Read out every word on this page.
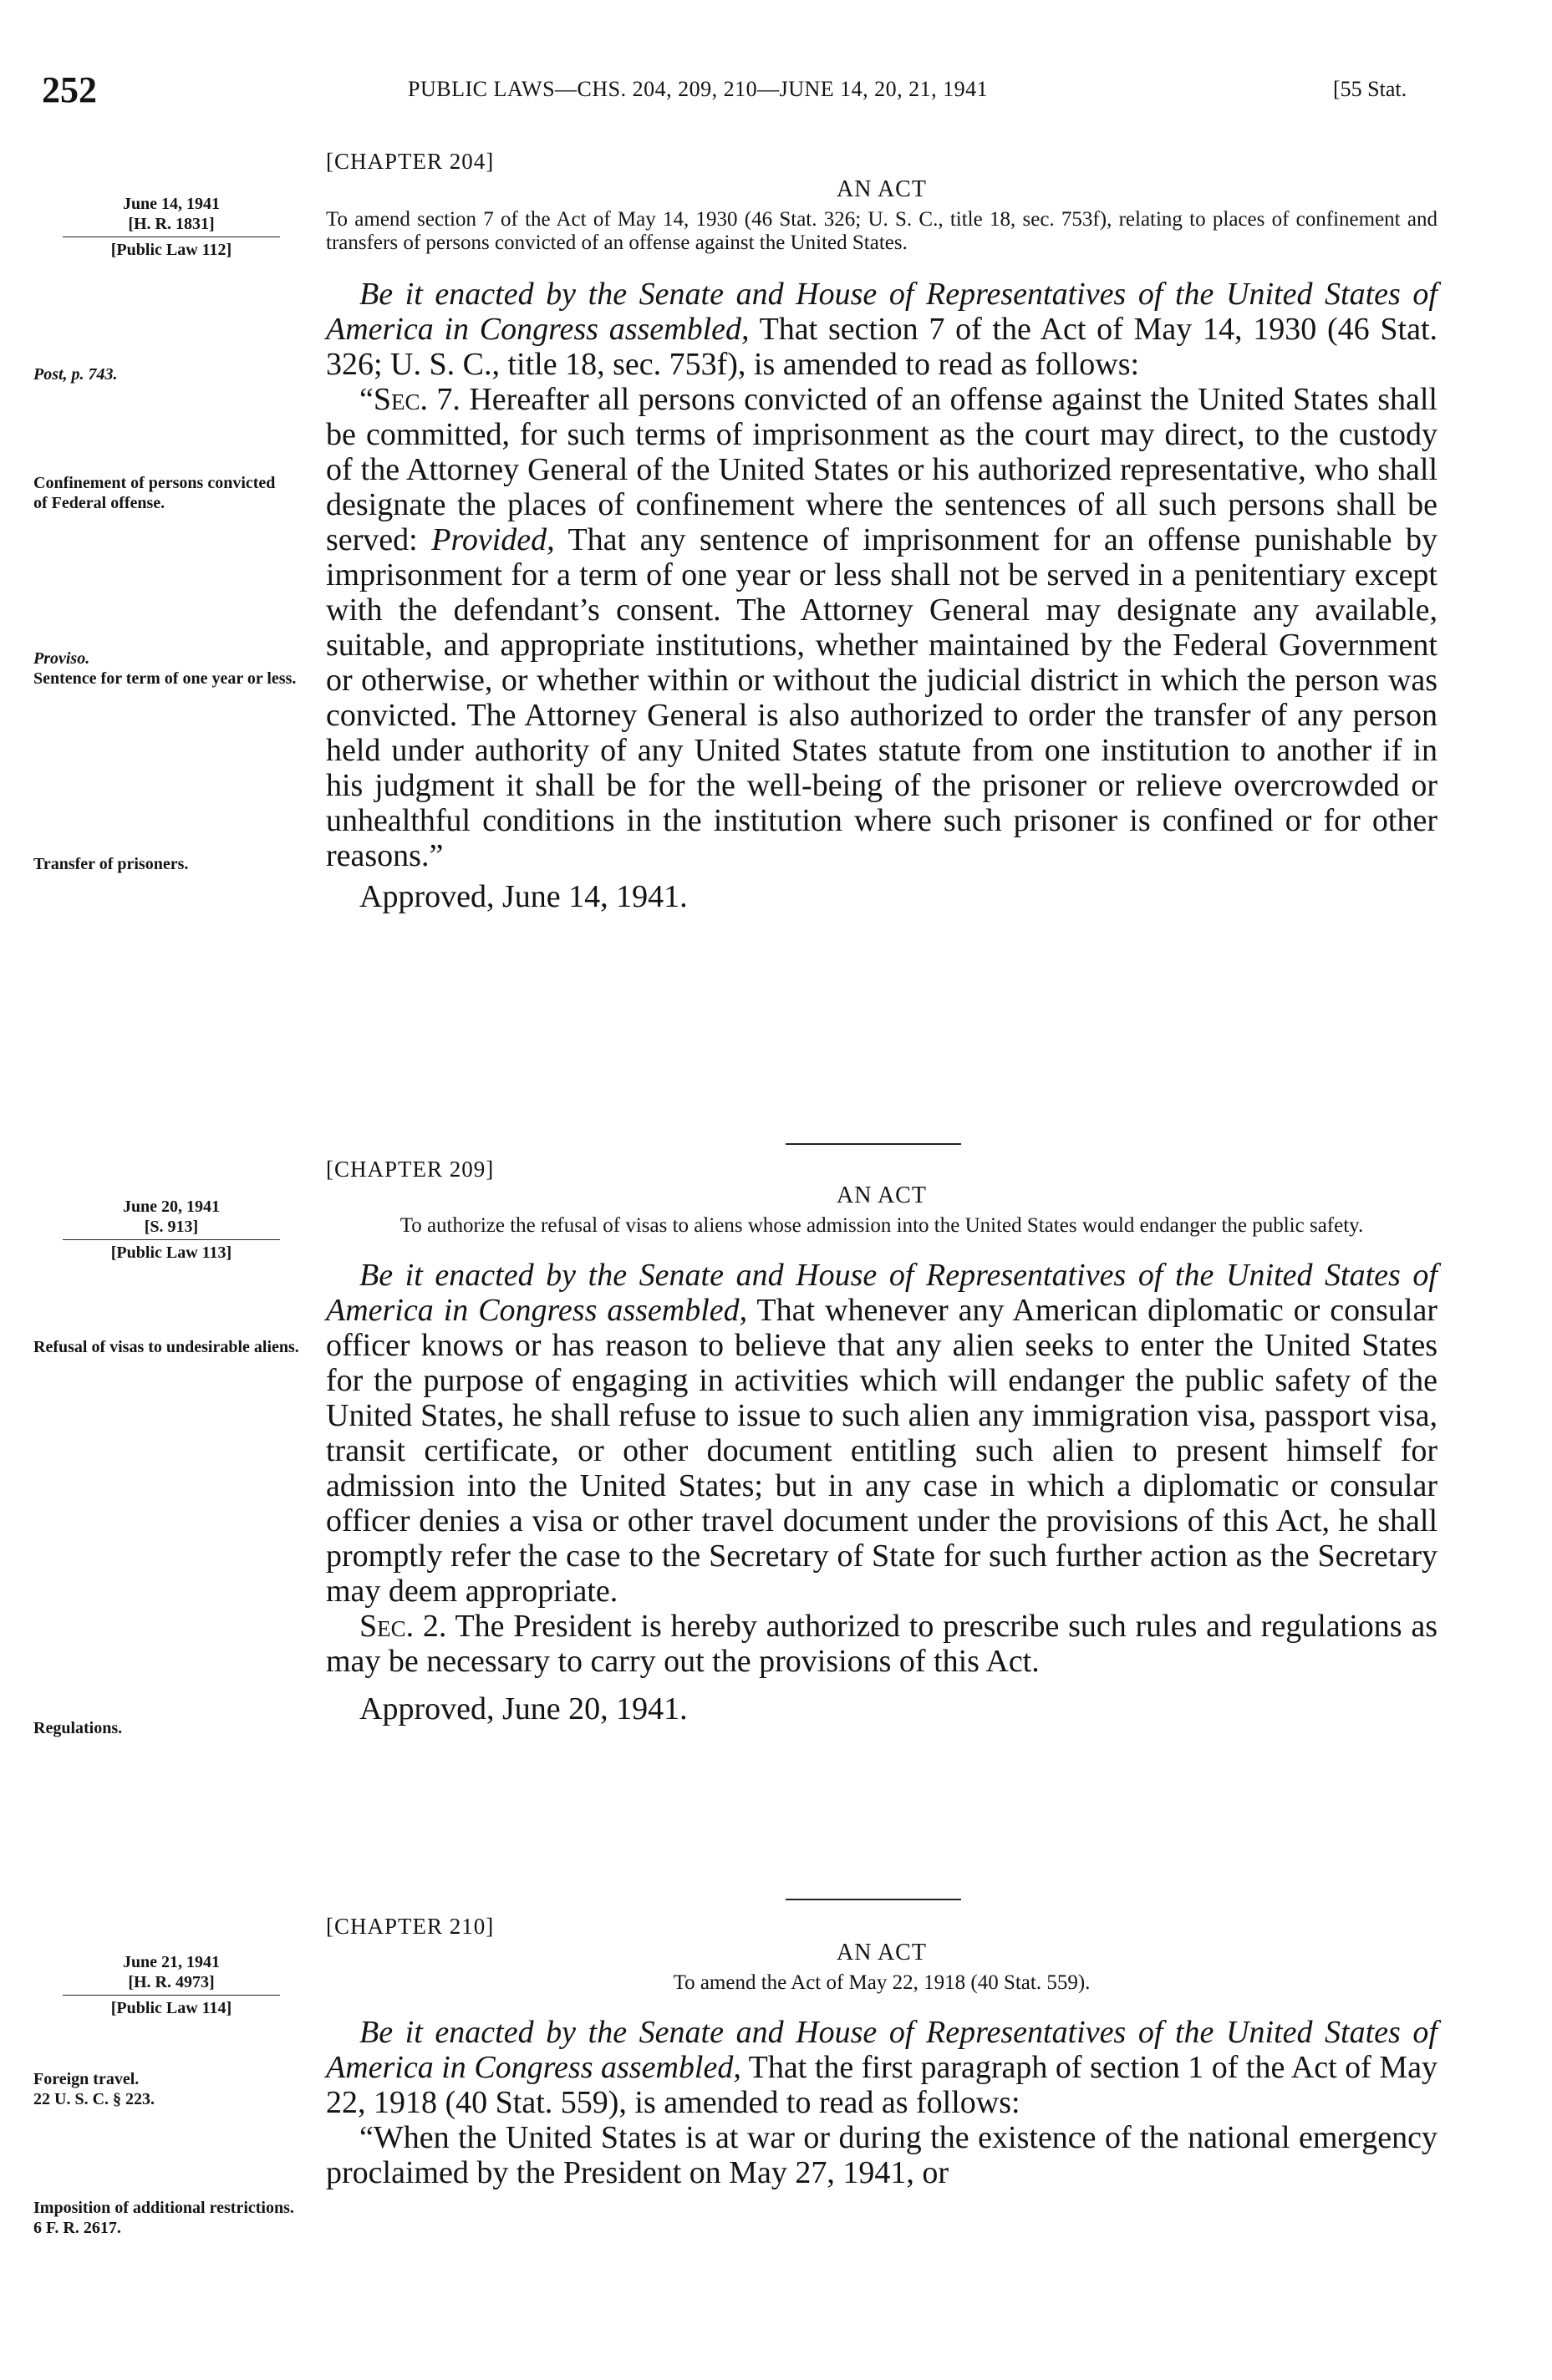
252	PUBLIC LAWS—CHS. 204, 209, 210—JUNE 14, 20, 21, 1941	[55 Stat.
June 14, 1941
[H. R. 1831]
[Public Law 112]
Post, p. 743.
Confinement of persons convicted of Federal offense.
Proviso.
Sentence for term of one year or less.
Transfer of prisoners.
[CHAPTER 204]
AN ACT
To amend section 7 of the Act of May 14, 1930 (46 Stat. 326; U. S. C., title 18, sec. 753f), relating to places of confinement and transfers of persons convicted of an offense against the United States.

Be it enacted by the Senate and House of Representatives of the United States of America in Congress assembled, That section 7 of the Act of May 14, 1930 (46 Stat. 326; U. S. C., title 18, sec. 753f), is amended to read as follows:

“Sec. 7. Hereafter all persons convicted of an offense against the United States shall be committed, for such terms of imprisonment as the court may direct, to the custody of the Attorney General of the United States or his authorized representative, who shall designate the places of confinement where the sentences of all such persons shall be served: Provided, That any sentence of imprisonment for an offense punishable by imprisonment for a term of one year or less shall not be served in a penitentiary except with the defendant’s consent. The Attorney General may designate any available, suitable, and appropriate institutions, whether maintained by the Federal Government or otherwise, or whether within or without the judicial district in which the person was convicted. The Attorney General is also authorized to order the transfer of any person held under authority of any United States statute from one institution to another if in his judgment it shall be for the well-being of the prisoner or relieve overcrowded or unhealthful conditions in the institution where such prisoner is confined or for other reasons.”

Approved, June 14, 1941.
June 20, 1941
[S. 913]
[Public Law 113]
Refusal of visas to undesirable aliens.
Regulations.
[CHAPTER 209]
AN ACT
To authorize the refusal of visas to aliens whose admission into the United States would endanger the public safety.

Be it enacted by the Senate and House of Representatives of the United States of America in Congress assembled, That whenever any American diplomatic or consular officer knows or has reason to believe that any alien seeks to enter the United States for the purpose of engaging in activities which will endanger the public safety of the United States, he shall refuse to issue to such alien any immigration visa, passport visa, transit certificate, or other document entitling such alien to present himself for admission into the United States; but in any case in which a diplomatic or consular officer denies a visa or other travel document under the provisions of this Act, he shall promptly refer the case to the Secretary of State for such further action as the Secretary may deem appropriate.

Sec. 2. The President is hereby authorized to prescribe such rules and regulations as may be necessary to carry out the provisions of this Act.

Approved, June 20, 1941.
June 21, 1941
[H. R. 4973]
[Public Law 114]
Foreign travel.
22 U. S. C. § 223.
Imposition of additional restrictions.
6 F. R. 2617.
[CHAPTER 210]
AN ACT
To amend the Act of May 22, 1918 (40 Stat. 559).

Be it enacted by the Senate and House of Representatives of the United States of America in Congress assembled, That the first paragraph of section 1 of the Act of May 22, 1918 (40 Stat. 559), is amended to read as follows:

“When the United States is at war or during the existence of the national emergency proclaimed by the President on May 27, 1941, or
